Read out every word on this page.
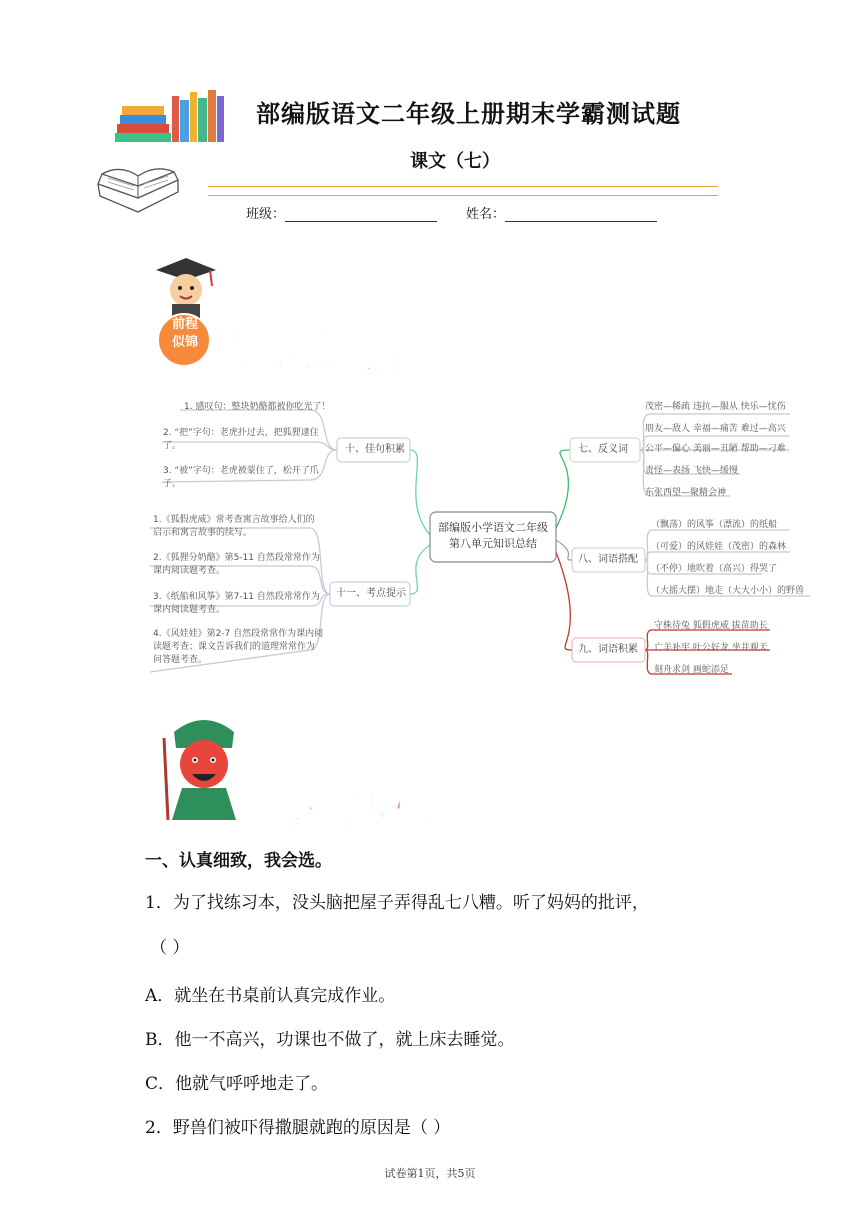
部编版语文二年级上册期末学霸测试题
课文（七）
班级：	姓名：
前程
似锦 知识链接
部编版小学语文二年级
第八单元知识总结
十、佳句积累
十一、考点提示
七、反义词
八、词语搭配
九、词语积累
1. 感叹句：整块奶酪都被你吃光了！
2. “把”字句：老虎扑过去，把狐狸逮住
了。
3. “被”字句：老虎被蒙住了，松开了爪
子。
1.《狐假虎威》常考查寓言故事给人们的
启示和寓言故事的续写。
2.《狐狸分奶酪》第5-11 自然段常常作为
课内阅读题考查。
3.《纸船和风筝》第7-11 自然段常常作为
课内阅读题考查。
4.《风娃娃》第2-7 自然段常常作为课内阅
读题考查；课文告诉我们的道理常常作为
问答题考查。
茂密—稀疏 违抗—服从 快乐—忧伤
朋友—敌人 幸福—痛苦 难过—高兴
公平—偏心 美丽—丑陋 帮助—刁难
责怪—表扬 飞快—缓慢
东张西望—聚精会神
（飘荡）的风筝（漂流）的纸船
（可爱）的风娃娃（茂密）的森林
（不停）地吹着（高兴）得哭了
（大摇大摆）地走（大大小小）的野兽
守株待兔 狐假虎威 拔苗助长
亡羊补牢 叶公好龙 坐井观天
刻舟求剑 画蛇添足
基础达标
一、认真细致，我会选。
1．为了找练习本，没头脑把屋子弄得乱七八糟。听了妈妈的批评，
（ ）
A．就坐在书桌前认真完成作业。
B．他一不高兴，功课也不做了，就上床去睡觉。
C．他就气呼呼地走了。
2．野兽们被吓得撒腿就跑的原因是（ ）
试卷第1页，共5页
